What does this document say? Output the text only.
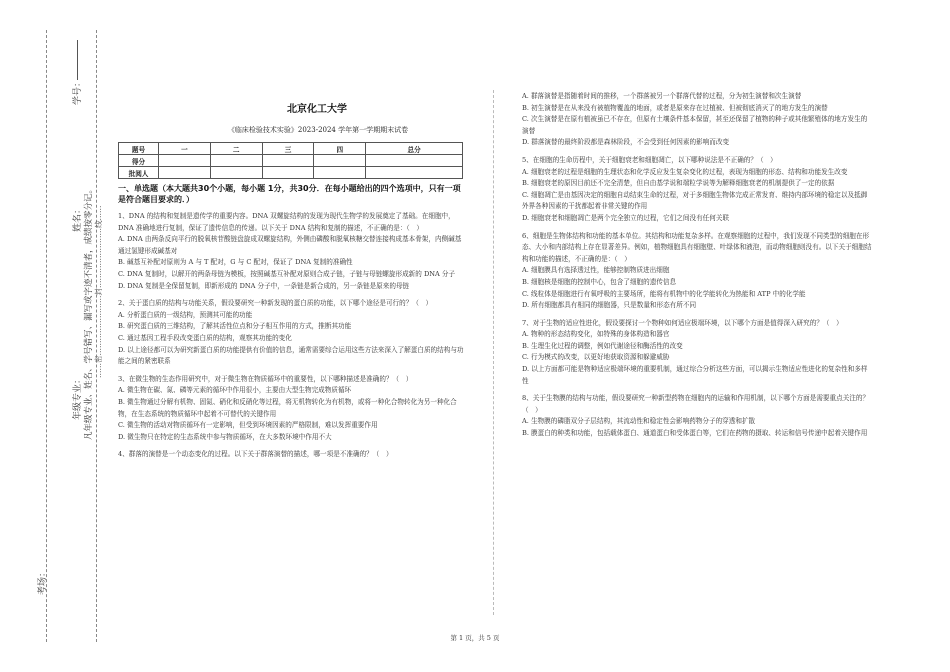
学号：
姓名：
年级专业：
考场：
凡年级专业、姓名、学号错写、漏写或字迹不清者，成绩按零分记。 ……密……………………封……………………线……
北京化工大学
《临床检验技术实验》2023-2024 学年第一学期期末试卷
题号	一	二	三	四	总分
得分					
批阅人					

一、单选题（本大题共30个小题，每小题 1分，共30分．在每小题给出的四个选项中，只有一项是符合题目要求的．）

1、DNA 的结构和复制是遗传学的重要内容。DNA 双螺旋结构的发现为现代生物学的发展奠定了基础。在细胞中，DNA 准确地进行复制，保证了遗传信息的传递。以下关于 DNA 结构和复制的描述，不正确的是：（　）

A. DNA 由两条反向平行的脱氧核苷酸链盘旋成双螺旋结构，外侧由磷酸和脱氧核糖交替连接构成基本骨架，内侧碱基通过氢键形成碱基对

B. 碱基互补配对原则为 A 与 T 配对，G 与 C 配对，保证了 DNA 复制的准确性

C. DNA 复制时，以解开的两条母链为模板，按照碱基互补配对原则合成子链，子链与母链螺旋形成新的 DNA 分子

D. DNA 复制是全保留复制，即新形成的 DNA 分子中，一条链是新合成的，另一条链是原来的母链

2、关于蛋白质的结构与功能关系，假设要研究一种新发现的蛋白质的功能，以下哪个途径是可行的？（　）

A. 分析蛋白质的一级结构，预测其可能的功能

B. 研究蛋白质的三维结构，了解其活性位点和分子相互作用的方式，推断其功能

C. 通过基因工程手段改变蛋白质的结构，观察其功能的变化

D. 以上途径都可以为研究新蛋白质的功能提供有价值的信息，通常需要综合运用这些方法来深入了解蛋白质的结构与功能之间的紧密联系

3、在微生物的生态作用研究中，对于微生物在物质循环中的重要性，以下哪种描述是准确的？（　）

A. 微生物在碳、氮、磷等元素的循环中作用很小，主要由大型生物完成物质循环

B. 微生物通过分解有机物、固氮、硝化和反硝化等过程，将无机物转化为有机物，或将一种化合物转化为另一种化合物，在生态系统的物质循环中起着不可替代的关键作用

C. 微生物的活动对物质循环有一定影响，但受到环境因素的严格限制，难以发挥重要作用

D. 微生物只在特定的生态系统中参与物质循环，在大多数环境中作用不大

4、群落的演替是一个动态变化的过程。以下关于群落演替的描述，哪一项是不准确的？（　）

A. 群落演替是指随着时间的推移，一个群落被另一个群落代替的过程，分为初生演替和次生演替

B. 初生演替是在从来没有被植物覆盖的地面，或者是原来存在过植被、但被彻底消灭了的地方发生的演替

C. 次生演替是在原有植被虽已不存在，但原有土壤条件基本保留，甚至还保留了植物的种子或其他繁殖体的地方发生的演替

D. 群落演替的最终阶段都是森林阶段，不会受到任何因素的影响而改变

5、在细胞的生命历程中，关于细胞衰老和细胞凋亡，以下哪种说法是不正确的？（　）

A. 细胞衰老的过程是细胞的生理状态和化学反应发生复杂变化的过程，表现为细胞的形态、结构和功能发生改变

B. 细胞衰老的原因目前还不完全清楚，但自由基学说和端粒学说等为解释细胞衰老的机制提供了一定的依据

C. 细胞凋亡是由基因决定的细胞自动结束生命的过程，对于多细胞生物体完成正常发育、维持内部环境的稳定以及抵御外界各种因素的干扰都起着非常关键的作用

D. 细胞衰老和细胞凋亡是两个完全独立的过程，它们之间没有任何关联

6、细胞是生物体结构和功能的基本单位。其结构和功能复杂多样。在观察细胞的过程中，我们发现不同类型的细胞在形态、大小和内部结构上存在显著差异。例如，植物细胞具有细胞壁、叶绿体和液泡，而动物细胞则没有。以下关于细胞结构和功能的描述，不正确的是：（　）

A. 细胞膜具有选择透过性，能够控制物质进出细胞

B. 细胞核是细胞的控制中心，包含了细胞的遗传信息

C. 线粒体是细胞进行有氧呼吸的主要场所，能将有机物中的化学能转化为热能和 ATP 中的化学能

D. 所有细胞都具有相同的细胞器，只是数量和形态有所不同

7、对于生物的适应性进化，假设要探讨一个物种如何适应极端环境，以下哪个方面是值得深入研究的？（　）

A. 物种的形态结构变化，如特殊的身体构造和器官

B. 生理生化过程的调整，例如代谢途径和酶活性的改变

C. 行为模式的改变，以更好地获取资源和躲避威胁

D. 以上方面都可能是物种适应极端环境的重要机制，通过综合分析这些方面，可以揭示生物适应性进化的复杂性和多样性

8、关于生物膜的结构与功能，假设要研究一种新型药物在细胞内的运输和作用机制，以下哪个方面是需要重点关注的？（　）

A. 生物膜的磷脂双分子层结构，其流动性和稳定性会影响药物分子的穿透和扩散

B. 膜蛋白的种类和功能，包括载体蛋白、通道蛋白和受体蛋白等，它们在药物的摄取、转运和信号传递中起着关键作用

第 1 页，共 5 页
